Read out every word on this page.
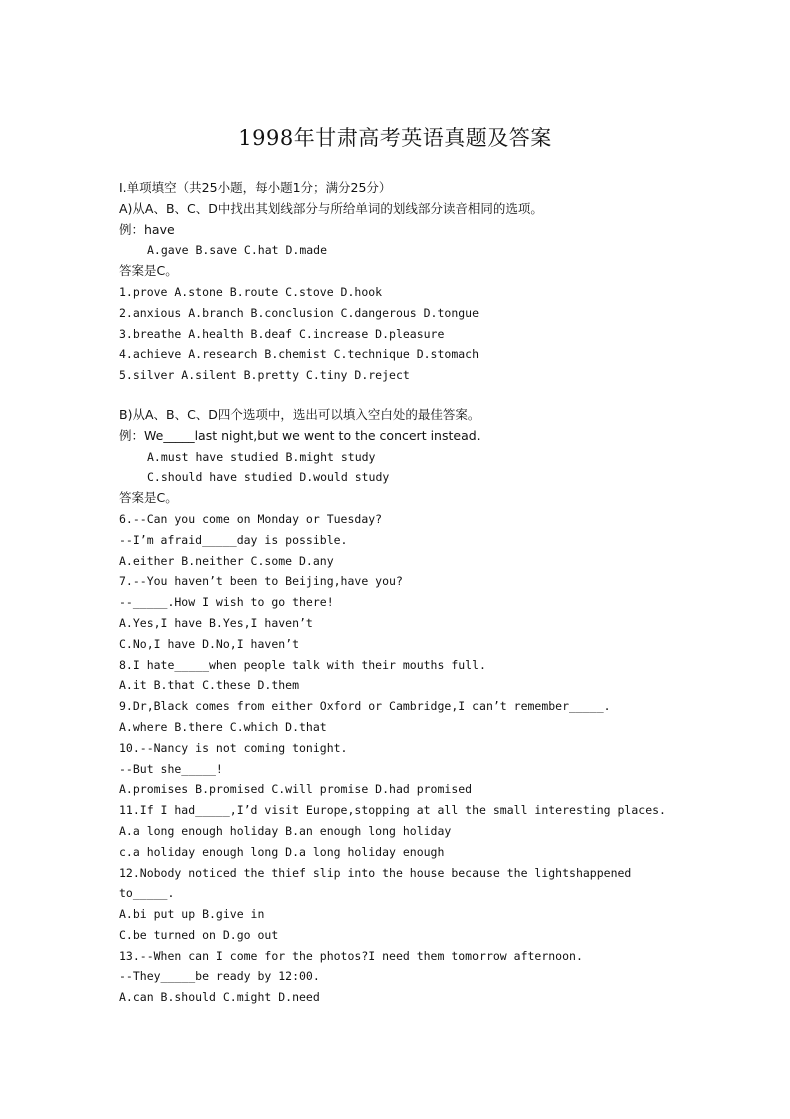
1998年甘肃高考英语真题及答案
Ⅰ.单项填空（共25小题，每小题1分；满分25分）
A)从A、B、C、D中找出其划线部分与所给单词的划线部分读音相同的选项。
例：have
A.gave B.save C.hat D.made
答案是C。
1.prove A.stone B.route C.stove D.hook
2.anxious A.branch B.conclusion C.dangerous D.tongue
3.breathe A.health B.deaf C.increase D.pleasure
4.achieve A.research B.chemist C.technique D.stomach
5.silver A.silent B.pretty C.tiny D.reject
B)从A、B、C、D四个选项中，选出可以填入空白处的最佳答案。
例：We_____last night,but we went to the concert instead.
A.must have studied B.might study
C.should have studied D.would study
答案是C。
6.--Can you come on Monday or Tuesday?
--I’m afraid_____day is possible.
A.either B.neither C.some D.any
7.--You haven’t been to Beijing,have you?
--_____.How I wish to go there!
A.Yes,I have B.Yes,I haven’t
C.No,I have D.No,I haven’t
8.I hate_____when people talk with their mouths full.
A.it B.that C.these D.them
9.Dr,Black comes from either Oxford or Cambridge,I can’t remember_____.
A.where B.there C.which D.that
10.--Nancy is not coming tonight.
--But she_____!
A.promises B.promised C.will promise D.had promised
11.If I had_____,I’d visit Europe,stopping at all the small interesting places.
A.a long enough holiday B.an enough long holiday
c.a holiday enough long D.a long holiday enough
12.Nobody noticed the thief slip into the house because the lightshappened
to_____.
A.bi put up B.give in
C.be turned on D.go out
13.--When can I come for the photos?I need them tomorrow afternoon.
--They_____be ready by 12:00.
A.can B.should C.might D.need
